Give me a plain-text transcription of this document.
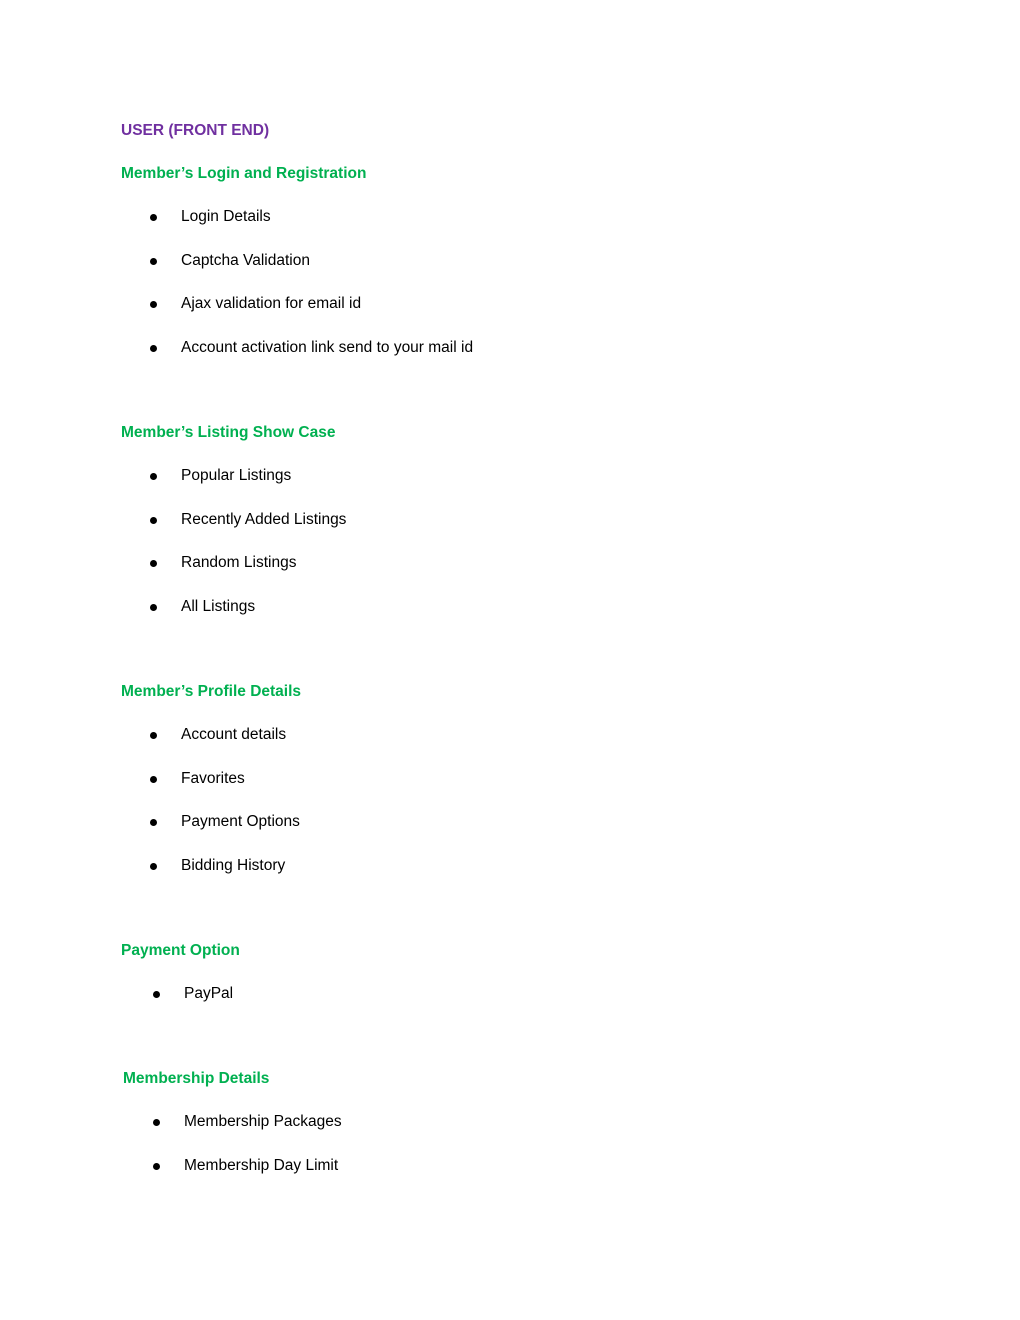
USER (FRONT END)
Member’s Login and Registration
Login Details
Captcha Validation
Ajax validation for email id
Account activation link send to your mail id
Member’s Listing Show Case
Popular Listings
Recently Added Listings
Random Listings
All Listings
Member’s Profile Details
Account details
Favorites
Payment Options
Bidding History
Payment Option
PayPal
Membership Details
Membership Packages
Membership Day Limit
